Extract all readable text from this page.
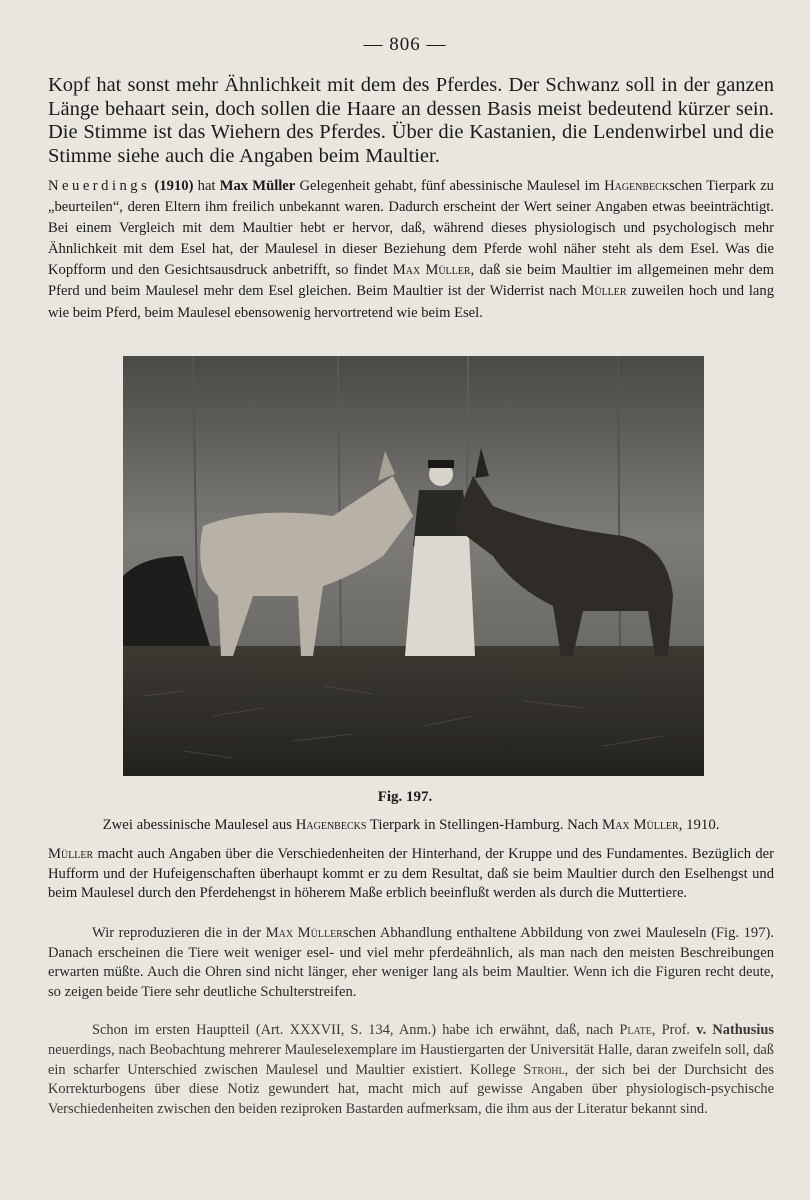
— 806 —

Kopf hat sonst mehr Ähnlichkeit mit dem des Pferdes. Der Schwanz soll in der ganzen Länge behaart sein, doch sollen die Haare an dessen Basis meist bedeutend kürzer sein. Die Stimme ist das Wiehern des Pferdes. Über die Kastanien, die Lendenwirbel und die Stimme siehe auch die Angaben beim Maultier.

Neuerdings (1910) hat Max Müller Gelegenheit gehabt, fünf abessinische Maulesel im Hagenbeckschen Tierpark zu „beurteilen“, deren Eltern ihm freilich unbekannt waren. Dadurch erscheint der Wert seiner Angaben etwas beeinträchtigt. Bei einem Vergleich mit dem Maultier hebt er hervor, daß, während dieses physiologisch und psychologisch mehr Ähnlichkeit mit dem Esel hat, der Maulesel in dieser Beziehung dem Pferde wohl näher steht als dem Esel. Was die Kopfform und den Gesichtsausdruck anbetrifft, so findet Max Müller, daß sie beim Maultier im allgemeinen mehr dem Pferd und beim Maulesel mehr dem Esel gleichen. Beim Maultier ist der Widerrist nach Müller zuweilen hoch und lang wie beim Pferd, beim Maulesel ebensowenig hervortretend wie beim Esel.

Fig. 197.
Zwei abessinische Maulesel aus Hagenbecks Tierpark in Stellingen-Hamburg. Nach Max Müller, 1910.

Müller macht auch Angaben über die Verschiedenheiten der Hinterhand, der Kruppe und des Fundamentes. Bezüglich der Hufform und der Hufeigenschaften überhaupt kommt er zu dem Resultat, daß sie beim Maultier durch den Eselhengst und beim Maulesel durch den Pferdehengst in höherem Maße erblich beeinflußt werden als durch die Muttertiere.

Wir reproduzieren die in der Max Müllerschen Abhandlung enthaltene Abbildung von zwei Mauleseln (Fig. 197). Danach erscheinen die Tiere weit weniger esel- und viel mehr pferdeähnlich, als man nach den meisten Beschreibungen erwarten müßte. Auch die Ohren sind nicht länger, eher weniger lang als beim Maultier. Wenn ich die Figuren recht deute, so zeigen beide Tiere sehr deutliche Schulterstreifen.

Schon im ersten Hauptteil (Art. XXXVII, S. 134, Anm.) habe ich erwähnt, daß, nach Plate, Prof. v. Nathusius neuerdings, nach Beobachtung mehrerer Mauleselexemplare im Haustiergarten der Universität Halle, daran zweifeln soll, daß ein scharfer Unterschied zwischen Maulesel und Maultier existiert. Kollege Strohl, der sich bei der Durchsicht des Korrekturbogens über diese Notiz gewundert hat, macht mich auf gewisse Angaben über physiologisch-psychische Verschiedenheiten zwischen den beiden reziproken Bastarden aufmerksam, die ihm aus der Literatur bekannt sind.
